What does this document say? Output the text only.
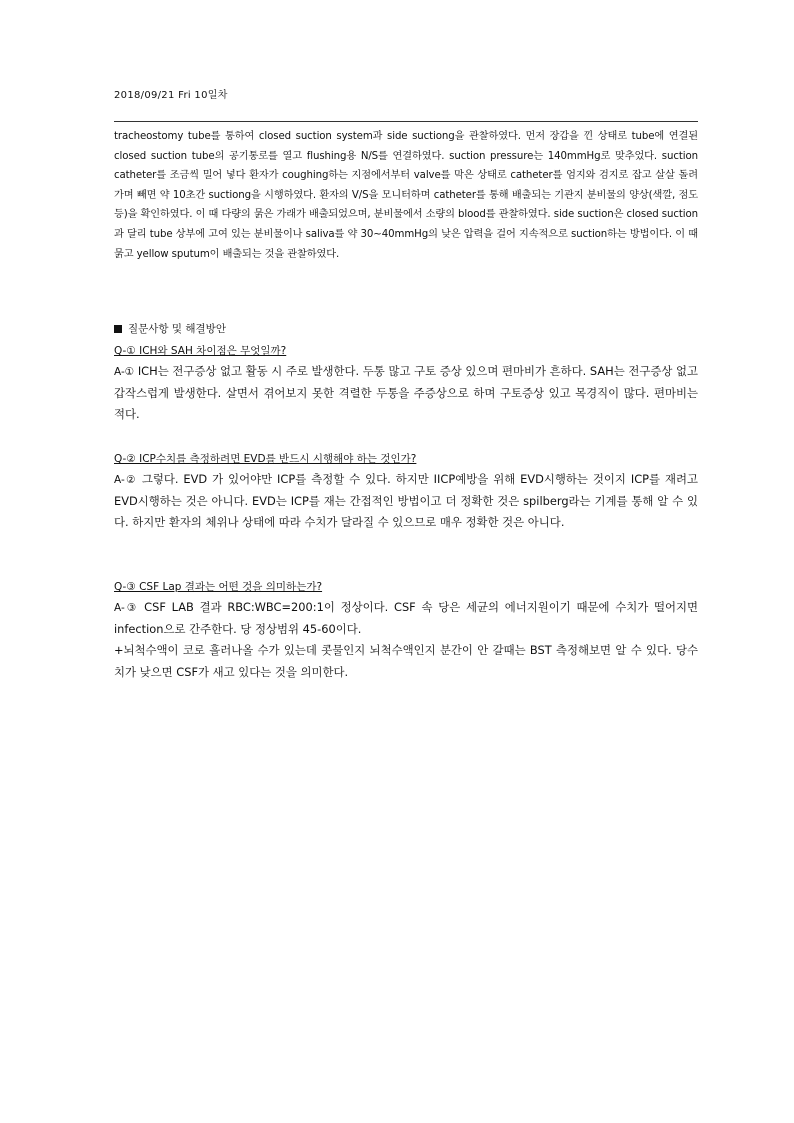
2018/09/21 Fri 10일차
tracheostomy tube를 통하여 closed suction system과 side suctiong을 관찰하였다. 먼저 장갑을 낀 상태로 tube에 연결된 closed suction tube의 공기통로를 열고 flushing용 N/S를 연결하였다. suction pressure는 140mmHg로 맞추었다. suction catheter를 조금씩 밀어 넣다 환자가 coughing하는 지점에서부터 valve를 막은 상태로 catheter를 엄지와 검지로 잡고 살살 돌려가며 빼면 약 10초간 suctiong을 시행하였다. 환자의 V/S을 모니터하며 catheter를 통해 배출되는 기관지 분비물의 양상(색깔, 점도 등)을 확인하였다. 이 때 다량의 묽은 가래가 배출되었으며, 분비물에서 소량의 blood를 관찰하였다. side suction은 closed suction과 달리 tube 상부에 고여 있는 분비물이나 saliva를 약 30~40mmHg의 낮은 압력을 걸어 지속적으로 suction하는 방법이다. 이 때 묽고 yellow sputum이 배출되는 것을 관찰하였다.
질문사항 및 해결방안
Q-① ICH와 SAH 차이점은 무엇일까?
A-① ICH는 전구증상 없고 활동 시 주로 발생한다. 두통 많고 구토 증상 있으며 편마비가 흔하다. SAH는 전구증상 없고 갑작스럽게 발생한다. 살면서 겪어보지 못한 격렬한 두통을 주증상으로 하며 구토증상 있고 목경직이 많다. 편마비는 적다.
Q-② ICP수치를 측정하려면 EVD를 반드시 시행해야 하는 것인가?
A-② 그렇다. EVD 가 있어야만 ICP를 측정할 수 있다. 하지만 IICP예방을 위해 EVD시행하는 것이지 ICP를 재려고 EVD시행하는 것은 아니다. EVD는 ICP를 재는 간접적인 방법이고 더 정확한 것은 spilberg라는 기계를 통해 알 수 있다. 하지만 환자의 체위나 상태에 따라 수치가 달라질 수 있으므로 매우 정확한 것은 아니다.
Q-③ CSF Lap 결과는 어떤 것을 의미하는가?
A-③ CSF LAB 결과 RBC:WBC=200:1이 정상이다. CSF 속 당은 세균의 에너지원이기 때문에 수치가 떨어지면 infection으로 간주한다. 당 정상범위 45-60이다.
+뇌척수액이 코로 흘러나올 수가 있는데 콧물인지 뇌척수액인지 분간이 안 갈때는 BST 측정해보면 알 수 있다. 당수치가 낮으면 CSF가 새고 있다는 것을 의미한다.
